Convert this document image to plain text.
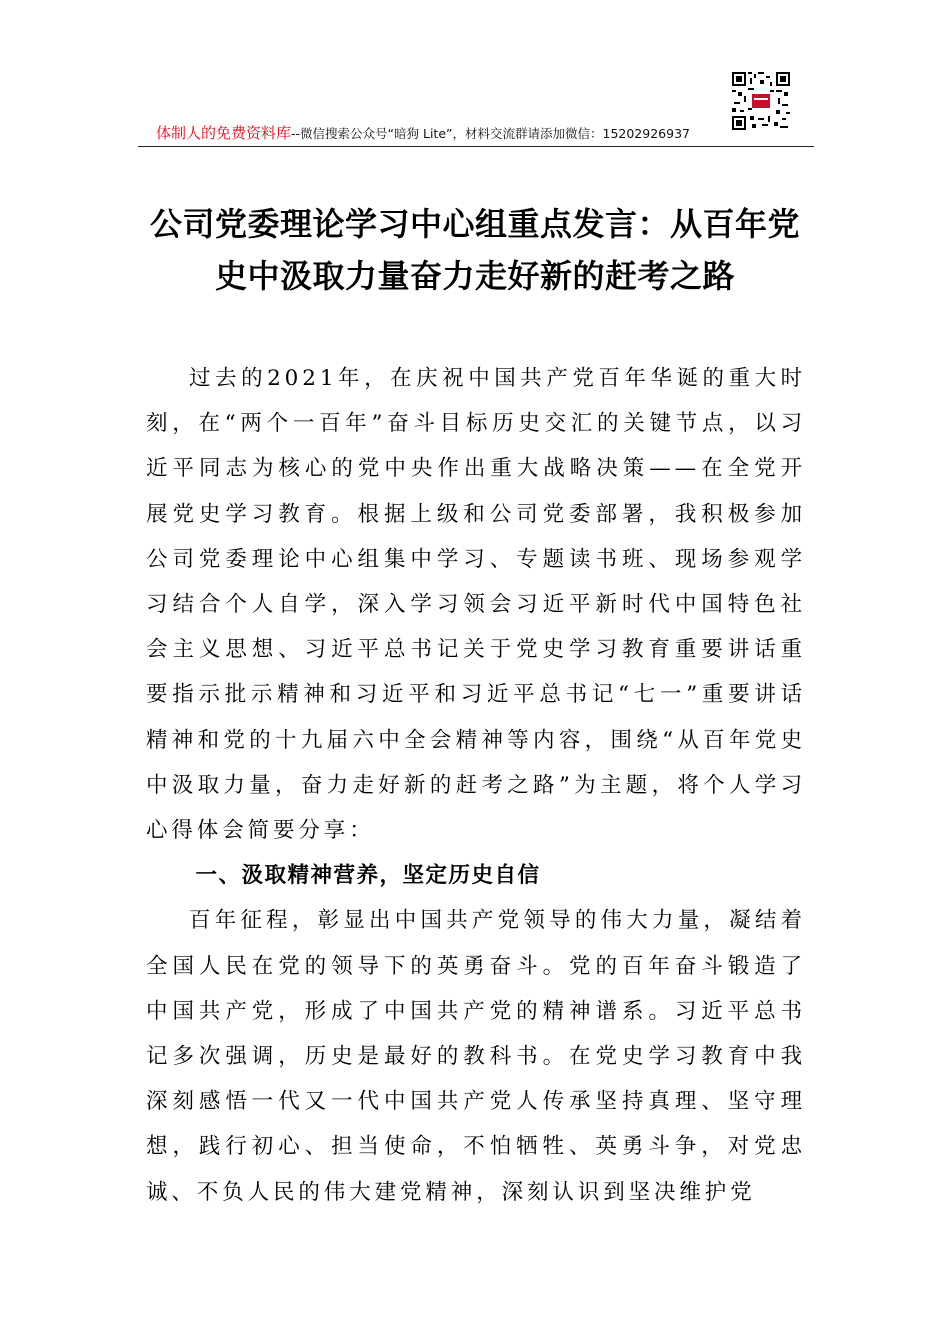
体制人的免费资料库--微信搜索公众号“暗狗 Lite”，材料交流群请添加微信：15202926937
公司党委理论学习中心组重点发言：从百年党史中汲取力量奋力走好新的赶考之路

过去的2021年，在庆祝中国共产党百年华诞的重大时刻，在“两个一百年”奋斗目标历史交汇的关键节点，以习近平同志为核心的党中央作出重大战略决策——在全党开展党史学习教育。根据上级和公司党委部署，我积极参加公司党委理论中心组集中学习、专题读书班、现场参观学习结合个人自学，深入学习领会习近平新时代中国特色社会主义思想、习近平总书记关于党史学习教育重要讲话重要指示批示精神和习近平和习近平总书记“七一”重要讲话精神和党的十九届六中全会精神等内容，围绕“从百年党史中汲取力量，奋力走好新的赶考之路”为主题，将个人学习心得体会简要分享：

一、汲取精神营养，坚定历史自信

百年征程，彰显出中国共产党领导的伟大力量，凝结着全国人民在党的领导下的英勇奋斗。党的百年奋斗锻造了中国共产党，形成了中国共产党的精神谱系。习近平总书记多次强调，历史是最好的教科书。在党史学习教育中我深刻感悟一代又一代中国共产党人传承坚持真理、坚守理想，践行初心、担当使命，不怕牺牲、英勇斗争，对党忠诚、不负人民的伟大建党精神，深刻认识到坚决维护党
